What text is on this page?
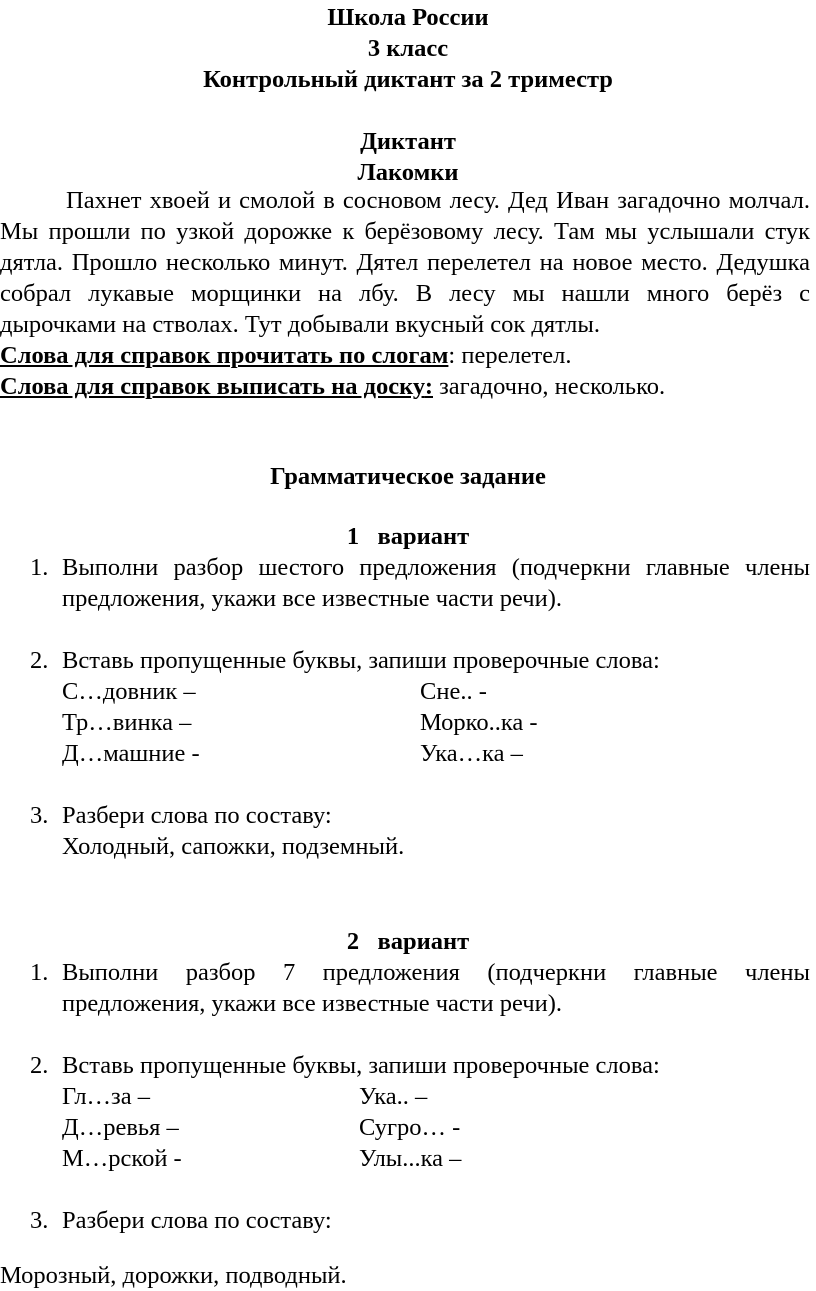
Школа России
3 класс
Контрольный диктант за 2 триместр
Диктант
Лакомки

Пахнет хвоей и смолой в сосновом лесу. Дед Иван загадочно молчал. Мы прошли по узкой дорожке к берёзовому лесу. Там мы услышали стук дятла. Прошло несколько минут. Дятел перелетел на новое место. Дедушка собрал лукавые морщинки на лбу. В лесу мы нашли много берёз с дырочками на стволах. Тут добывали вкусный сок дятлы.

Слова для справок прочитать по слогам: перелетел.

Слова для справок выписать на доску: загадочно, несколько.

Грамматическое задание
1   вариант
1. Выполни разбор шестого предложения (подчеркни главные члены предложения, укажи все известные части речи).
2. Вставь пропущенные буквы, запиши проверочные слова:
С…довник –	Сне.. -
Тр…винка –	Морко..ка -
Д…машние -	Ука…ка –
3. Разбери слова по составу:
Холодный, сапожки, подземный.
2   вариант
1. Выполни разбор 7 предложения (подчеркни главные члены предложения, укажи все известные части речи).
2. Вставь пропущенные буквы, запиши проверочные слова:
Гл…за –	Ука.. –
Д…ревья –	Сугро… -
М…рской -	Улы...ка –
3. Разбери слова по составу:
Морозный, дорожки, подводный.
